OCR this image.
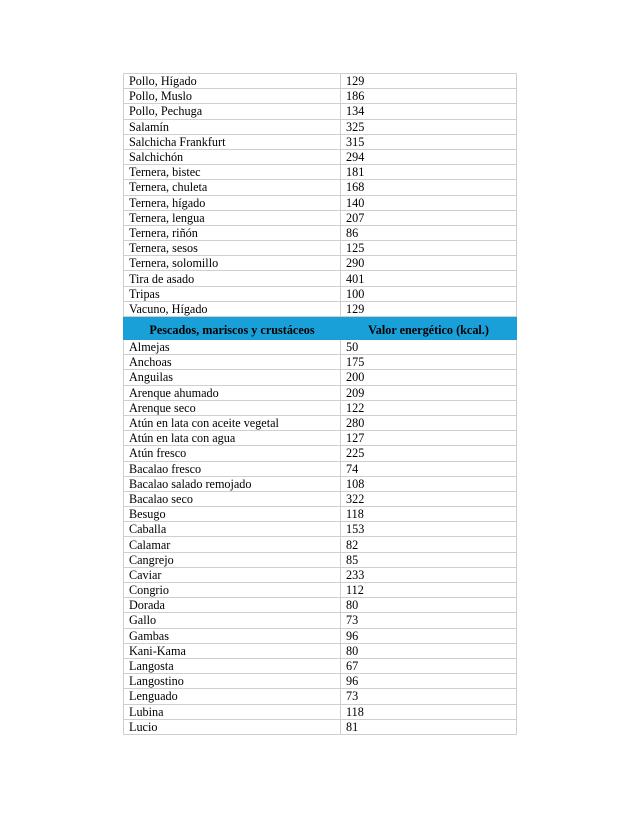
Pollo, Hígado	129
Pollo, Muslo	186
Pollo, Pechuga	134
Salamín	325
Salchicha Frankfurt	315
Salchichón	294
Ternera, bistec	181
Ternera, chuleta	168
Ternera, hígado	140
Ternera, lengua	207
Ternera, riñón	86
Ternera, sesos	125
Ternera, solomillo	290
Tira de asado	401
Tripas	100
Vacuno, Hígado	129
Pescados, mariscos y crustáceos	Valor energético (kcal.)
Almejas	50
Anchoas	175
Anguilas	200
Arenque ahumado	209
Arenque seco	122
Atún en lata con aceite vegetal	280
Atún en lata con agua	127
Atún fresco	225
Bacalao fresco	74
Bacalao salado remojado	108
Bacalao seco	322
Besugo	118
Caballa	153
Calamar	82
Cangrejo	85
Caviar	233
Congrio	112
Dorada	80
Gallo	73
Gambas	96
Kani-Kama	80
Langosta	67
Langostino	96
Lenguado	73
Lubina	118
Lucio	81
